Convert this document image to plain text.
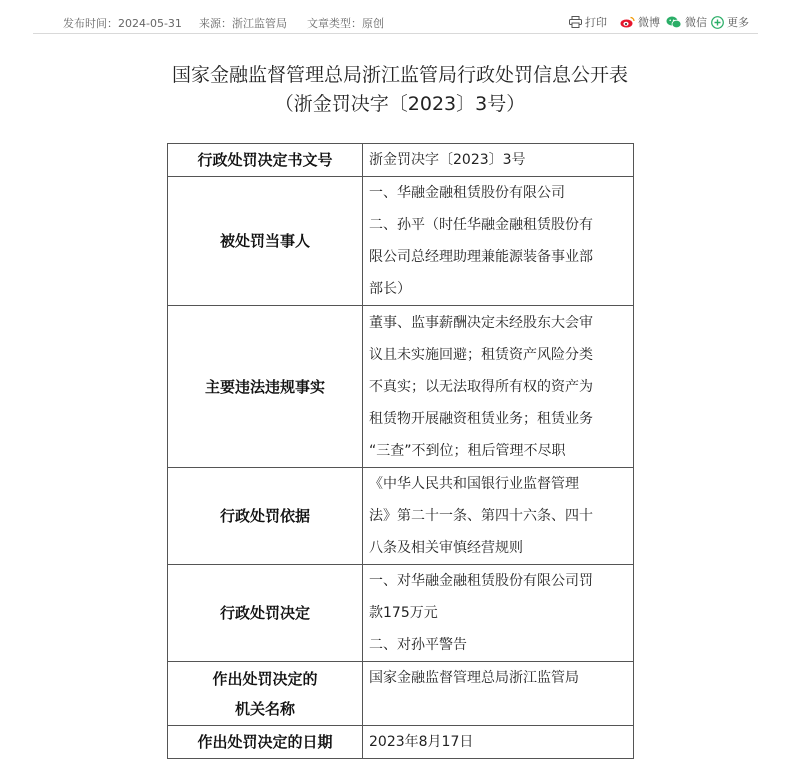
发布时间：2024-05-31 来源：浙江监管局 文章类型：原创	打印	微博 微信 更多
国家金融监督管理总局浙江监管局行政处罚信息公开表
（浙金罚决字〔2023〕3号）
行政处罚决定书文号	浙金罚决字〔2023〕3号

被处罚当事人	一、华融金融租赁股份有限公司
二、孙平（时任华融金融租赁股份有
限公司总经理助理兼能源装备事业部
部长）

主要违法违规事实	董事、监事薪酬决定未经股东大会审
议且未实施回避；租赁资产风险分类
不真实；以无法取得所有权的资产为
租赁物开展融资租赁业务；租赁业务
“三查”不到位；租后管理不尽职

行政处罚依据	《中华人民共和国银行业监督管理
法》第二十一条、第四十六条、四十
八条及相关审慎经营规则

行政处罚决定	一、对华融金融租赁股份有限公司罚
款175万元
二、对孙平警告

作出处罚决定的
机关名称	国家金融监督管理总局浙江监管局

作出处罚决定的日期	2023年8月17日
